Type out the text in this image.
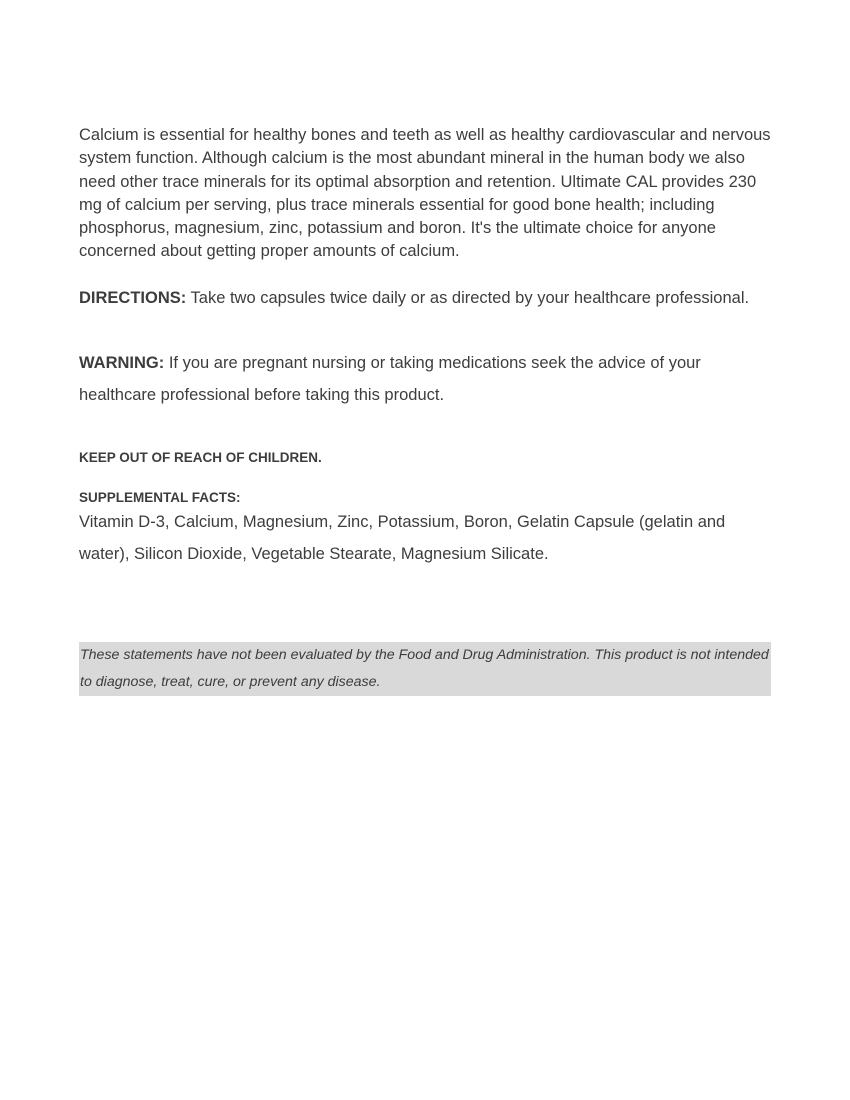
Calcium is essential for healthy bones and teeth as well as healthy cardiovascular and nervous system function. Although calcium is the most abundant mineral in the human body we also need other trace minerals for its optimal absorption and retention. Ultimate CAL provides 230 mg of calcium per serving, plus trace minerals essential for good bone health; including phosphorus, magnesium, zinc, potassium and boron. It's the ultimate choice for anyone concerned about getting proper amounts of calcium.

DIRECTIONS: Take two capsules twice daily or as directed by your healthcare professional.

WARNING: If you are pregnant nursing or taking medications seek the advice of your healthcare professional before taking this product.

KEEP OUT OF REACH OF CHILDREN.

SUPPLEMENTAL FACTS:

Vitamin D-3, Calcium, Magnesium, Zinc, Potassium, Boron, Gelatin Capsule (gelatin and water), Silicon Dioxide, Vegetable Stearate, Magnesium Silicate.

These statements have not been evaluated by the Food and Drug Administration. This product is not intended to diagnose, treat, cure, or prevent any disease.
